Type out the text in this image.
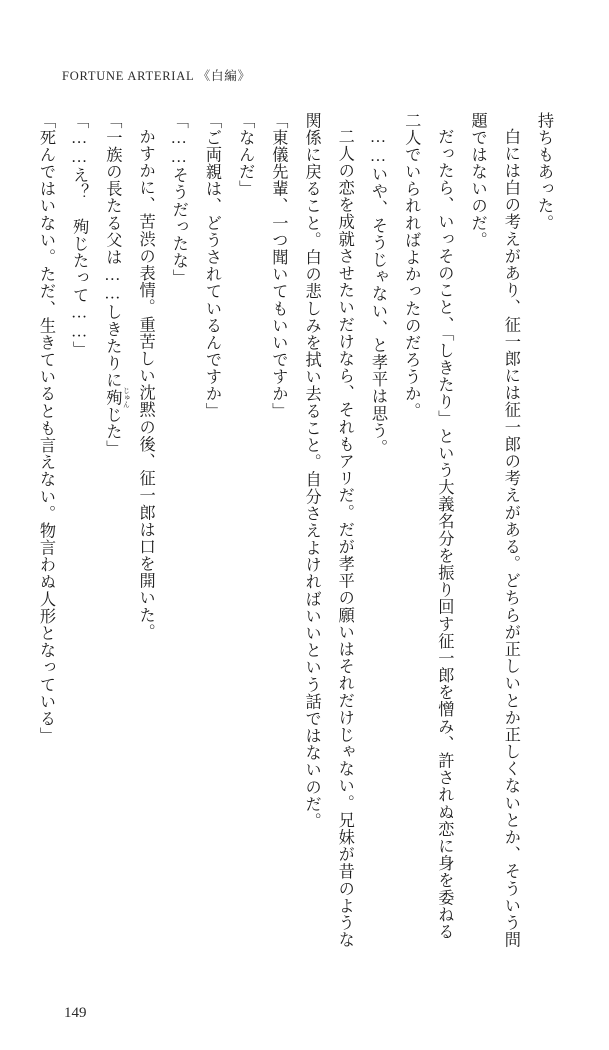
FORTUNE ARTERIAL 《白編》

持ちもあった。

白には白の考えがあり、征一郎には征一郎の考えがある。どちらが正しいとか正しくないとか、そういう問題ではないのだ。

だったら、いっそのこと、「しきたり」という大義名分を振り回す征一郎を憎み、許されぬ恋に身を委ねる二人でいられればよかったのだろうか。

……いや、そうじゃない、と孝平は思う。

二人の恋を成就させたいだけなら、それもアリだ。だが孝平の願いはそれだけじゃない。兄妹が昔のような関係に戻ること。白の悲しみを拭い去ること。自分さえよければいいという話ではないのだ。

「東儀先輩、一つ聞いてもいいですか」

「なんだ」

「ご両親は、どうされているんですか」

「……そうだったな」

かすかに、苦渋の表情。重苦しい沈黙の後、征一郎は口を開いた。

「一族の長たる父は……しきたりに殉 じゅんじた」

「……え？　殉じたって……」

「死んではいない。ただ、生きているとも言えない。物言わぬ人形となっている」

149
